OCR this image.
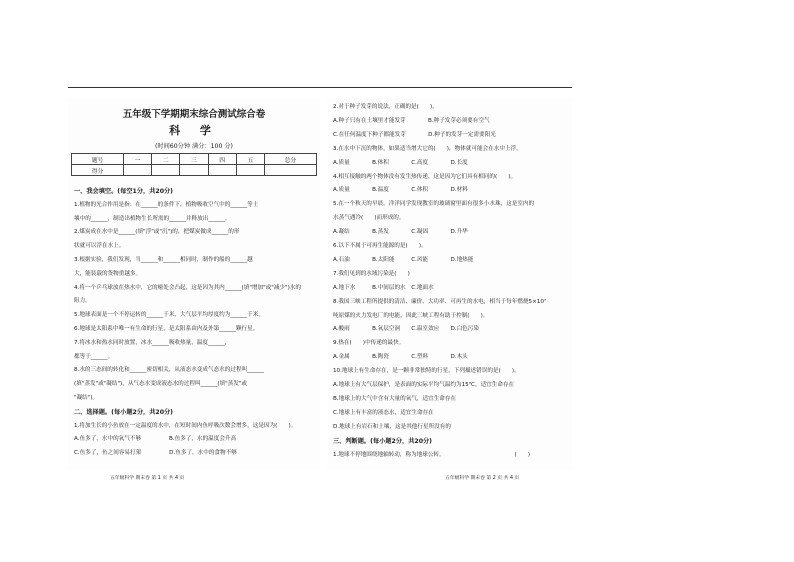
五年级下学期期末综合测试综合卷
科 学
(时间60分钟 满分：100 分)
题号	一	二	三	四	五	总分
得分						
一、我会填空。(每空1分，共20分)
1.植物的光合作用是指：在______的条件下，植物吸收空气中的______等土
壤中的______，制造出植物生长所需的______并释放出______。
2.煤炭成在水中是______(填"浮"或"沉")的，把煤炭做成______的形
状就可以浮在水上。
3.根据实验，我们发现，当______和______相同时，制作的船的______越
大，能装载的货物重越多。
4.将一个乒乓球放在热水中，它的瘪处会凸起，这是因为其内______(填"增加"或"减少")水的
阻力。
5.地球表面是一个不停运转的______千米，大气层平均厚度约为______千米。
6.地球是太阳系中唯一有生命的行星，是太阳系由内及外第______颗行星。
7.将冰水和热水同时放置，冰水______吸收热量，温度______，
都等于______。
8.水的三态间的转化和______密切相关，从液态水变成气态水的过程叫______
(填"蒸发"或"凝结")，从气态水变成液态水的过程叫______(填"蒸发"或
"凝结")。
二、选择题。(每小题2分，共20分)
1.将加生长的小鱼放在一定温度的水中，在短时间内鱼呼吸次数会增多，这是因为(　　)。
A.鱼多了，水中的氧气不够　　　　　B.鱼多了，水的温度会升高
C.鱼多了，鱼之间容易打架　　　　　D.鱼多了，水中的食物不够
2.对于种子发芽的说法，正确的是(　　)。
A.种子只有在土壤里才能发芽　　　　B.种子发芽必须要有空气
C.在任何温度下种子都能发芽　　　　D.种子的发芽一定需要阳光
3.在水中下沉的物体，如果适当增大它的(　　)，物体就可能会在水中上浮。
A.质量　　　　B.体积　　　　C.高度　　　　D.长度
4.相互接触的两个物体没有发生热传递，这是因为它们具有相同的(　　)。
A.质量　　　　B.温度　　　　C.体积　　　　D.材料
5.在一个秋天的早晨，洋洋同学发现教室的玻璃窗里面有很多小水珠，这是室内的
水蒸气遇冷(　　)而形成的。
A.凝结　　　　B.蒸发　　　　C.凝固　　　　D.升华
6.以下不属于可再生能源的是(　　)。
A.石油　　　　B.太阳能　　　C.风能　　　　D.地热能
7.我们见到的水域污染是(　　)
A.地下水　　　B.中间层的水　C.地面水
8.我国三峡工程所提供的清洁、廉价、大功率、可再生的水电，相当于每年燃烧5×10⁷
吨原煤的火力发电厂的电能，因此三峡工程有助于控制(　　)。
A.酸雨　　　　B.氧层空洞　　C.温室效应　　D.白色污染
9.热在(　　)中传递的最快。
A.金属　　　　B.陶瓷　　　　C.塑料　　　　D.木头
10.地球上有生命存在，是一颗非常独特的行星，下列描述错误的是(　　)。
A.地球上有大气层保护，是表面的实际平均气温约为15℃，适宜生命存在
B.地球上的大气中含有大量的氧气，适宜生命存在
C.地球上有丰富的液态水，适宜生命存在
D.地球上有岩石和土壤，这是其他行星所没有的
三、判断题。(每小题2分，共20分)
1.地球不停地围绕地轴转动，称为地球公转。　　　　　　　　　　　　　(　　)
五年级科学 期末卷 第 1 页 共 4 页	五年级科学 期末卷 第 2 页 共 4 页
